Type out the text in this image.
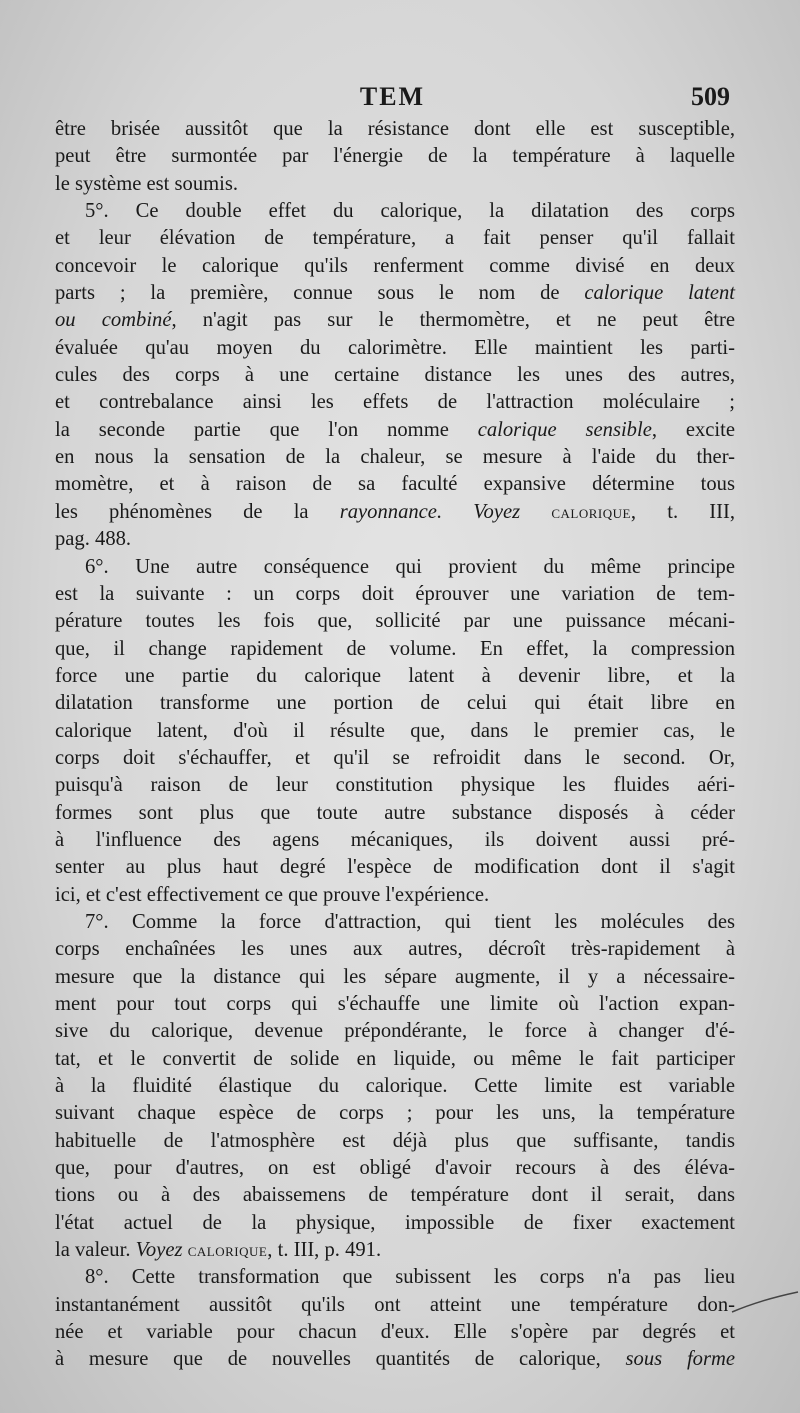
TEM	509
être brisée aussitôt que la résistance dont elle est susceptible,
peut être surmontée par l'énergie de la température à laquelle
le système est soumis.
5°. Ce double effet du calorique, la dilatation des corps
et leur élévation de température, a fait penser qu'il fallait
concevoir le calorique qu'ils renferment comme divisé en deux
parts ; la première, connue sous le nom de calorique latent
ou combiné, n'agit pas sur le thermomètre, et ne peut être
évaluée qu'au moyen du calorimètre. Elle maintient les parti-
cules des corps à une certaine distance les unes des autres,
et contrebalance ainsi les effets de l'attraction moléculaire ;
la seconde partie que l'on nomme calorique sensible, excite
en nous la sensation de la chaleur, se mesure à l'aide du ther-
momètre, et à raison de sa faculté expansive détermine tous
les phénomènes de la rayonnance. Voyez calorique, t. III,
pag. 488.
6°. Une autre conséquence qui provient du même principe
est la suivante : un corps doit éprouver une variation de tem-
pérature toutes les fois que, sollicité par une puissance mécani-
que, il change rapidement de volume. En effet, la compression
force une partie du calorique latent à devenir libre, et la
dilatation transforme une portion de celui qui était libre en
calorique latent, d'où il résulte que, dans le premier cas, le
corps doit s'échauffer, et qu'il se refroidit dans le second. Or,
puisqu'à raison de leur constitution physique les fluides aéri-
formes sont plus que toute autre substance disposés à céder
à l'influence des agens mécaniques, ils doivent aussi pré-
senter au plus haut degré l'espèce de modification dont il s'agit
ici, et c'est effectivement ce que prouve l'expérience.
7°. Comme la force d'attraction, qui tient les molécules des
corps enchaînées les unes aux autres, décroît très-rapidement à
mesure que la distance qui les sépare augmente, il y a nécessaire-
ment pour tout corps qui s'échauffe une limite où l'action expan-
sive du calorique, devenue prépondérante, le force à changer d'é-
tat, et le convertit de solide en liquide, ou même le fait participer
à la fluidité élastique du calorique. Cette limite est variable
suivant chaque espèce de corps ; pour les uns, la température
habituelle de l'atmosphère est déjà plus que suffisante, tandis
que, pour d'autres, on est obligé d'avoir recours à des éléva-
tions ou à des abaissemens de température dont il serait, dans
l'état actuel de la physique, impossible de fixer exactement
la valeur. Voyez calorique, t. III, p. 491.
8°. Cette transformation que subissent les corps n'a pas lieu
instantanément aussitôt qu'ils ont atteint une température don-
née et variable pour chacun d'eux. Elle s'opère par degrés et
à mesure que de nouvelles quantités de calorique, sous forme
